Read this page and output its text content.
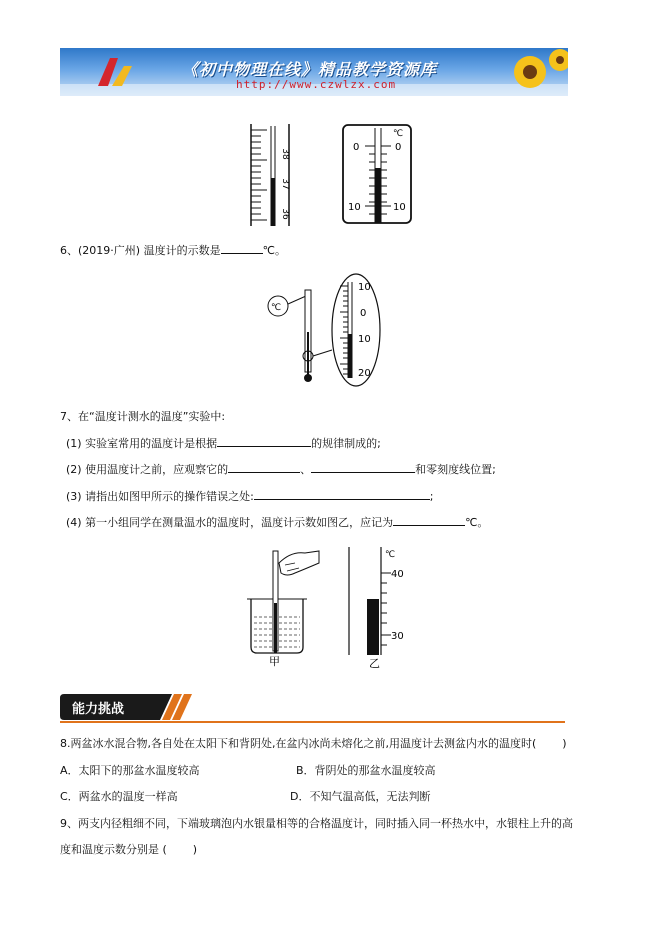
《初中物理在线》精品教学资源库
http://www.czwlzx.com
38
37
36
℃
0	0
10	10
6、(2019·广州) 温度计的示数是	℃。
℃
10
0
10
20
7、在“温度计测水的温度”实验中:
(1) 实验室常用的温度计是根据	的规律制成的;
(2) 使用温度计之前，应观察它的	、	和零刻度线位置;
(3) 请指出如图甲所示的操作错误之处:	;
(4) 第一小组同学在测量温水的温度时，温度计示数如图乙，应记为	℃。
甲
℃
40
30
乙
能力挑战
8.两盆冰水混合物,各自处在太阳下和背阴处,在盆内冰尚未熔化之前,用温度计去测盆内水的温度时( )
A．太阳下的那盆水温度较高	B．背阴处的那盆水温度较高
C．两盆水的温度一样高	D．不知气温高低，无法判断
9、两支内径粗细不同，下端玻璃泡内水银量相等的合格温度计，同时插入同一杯热水中，水银柱上升的高
度和温度示数分别是 ( )
